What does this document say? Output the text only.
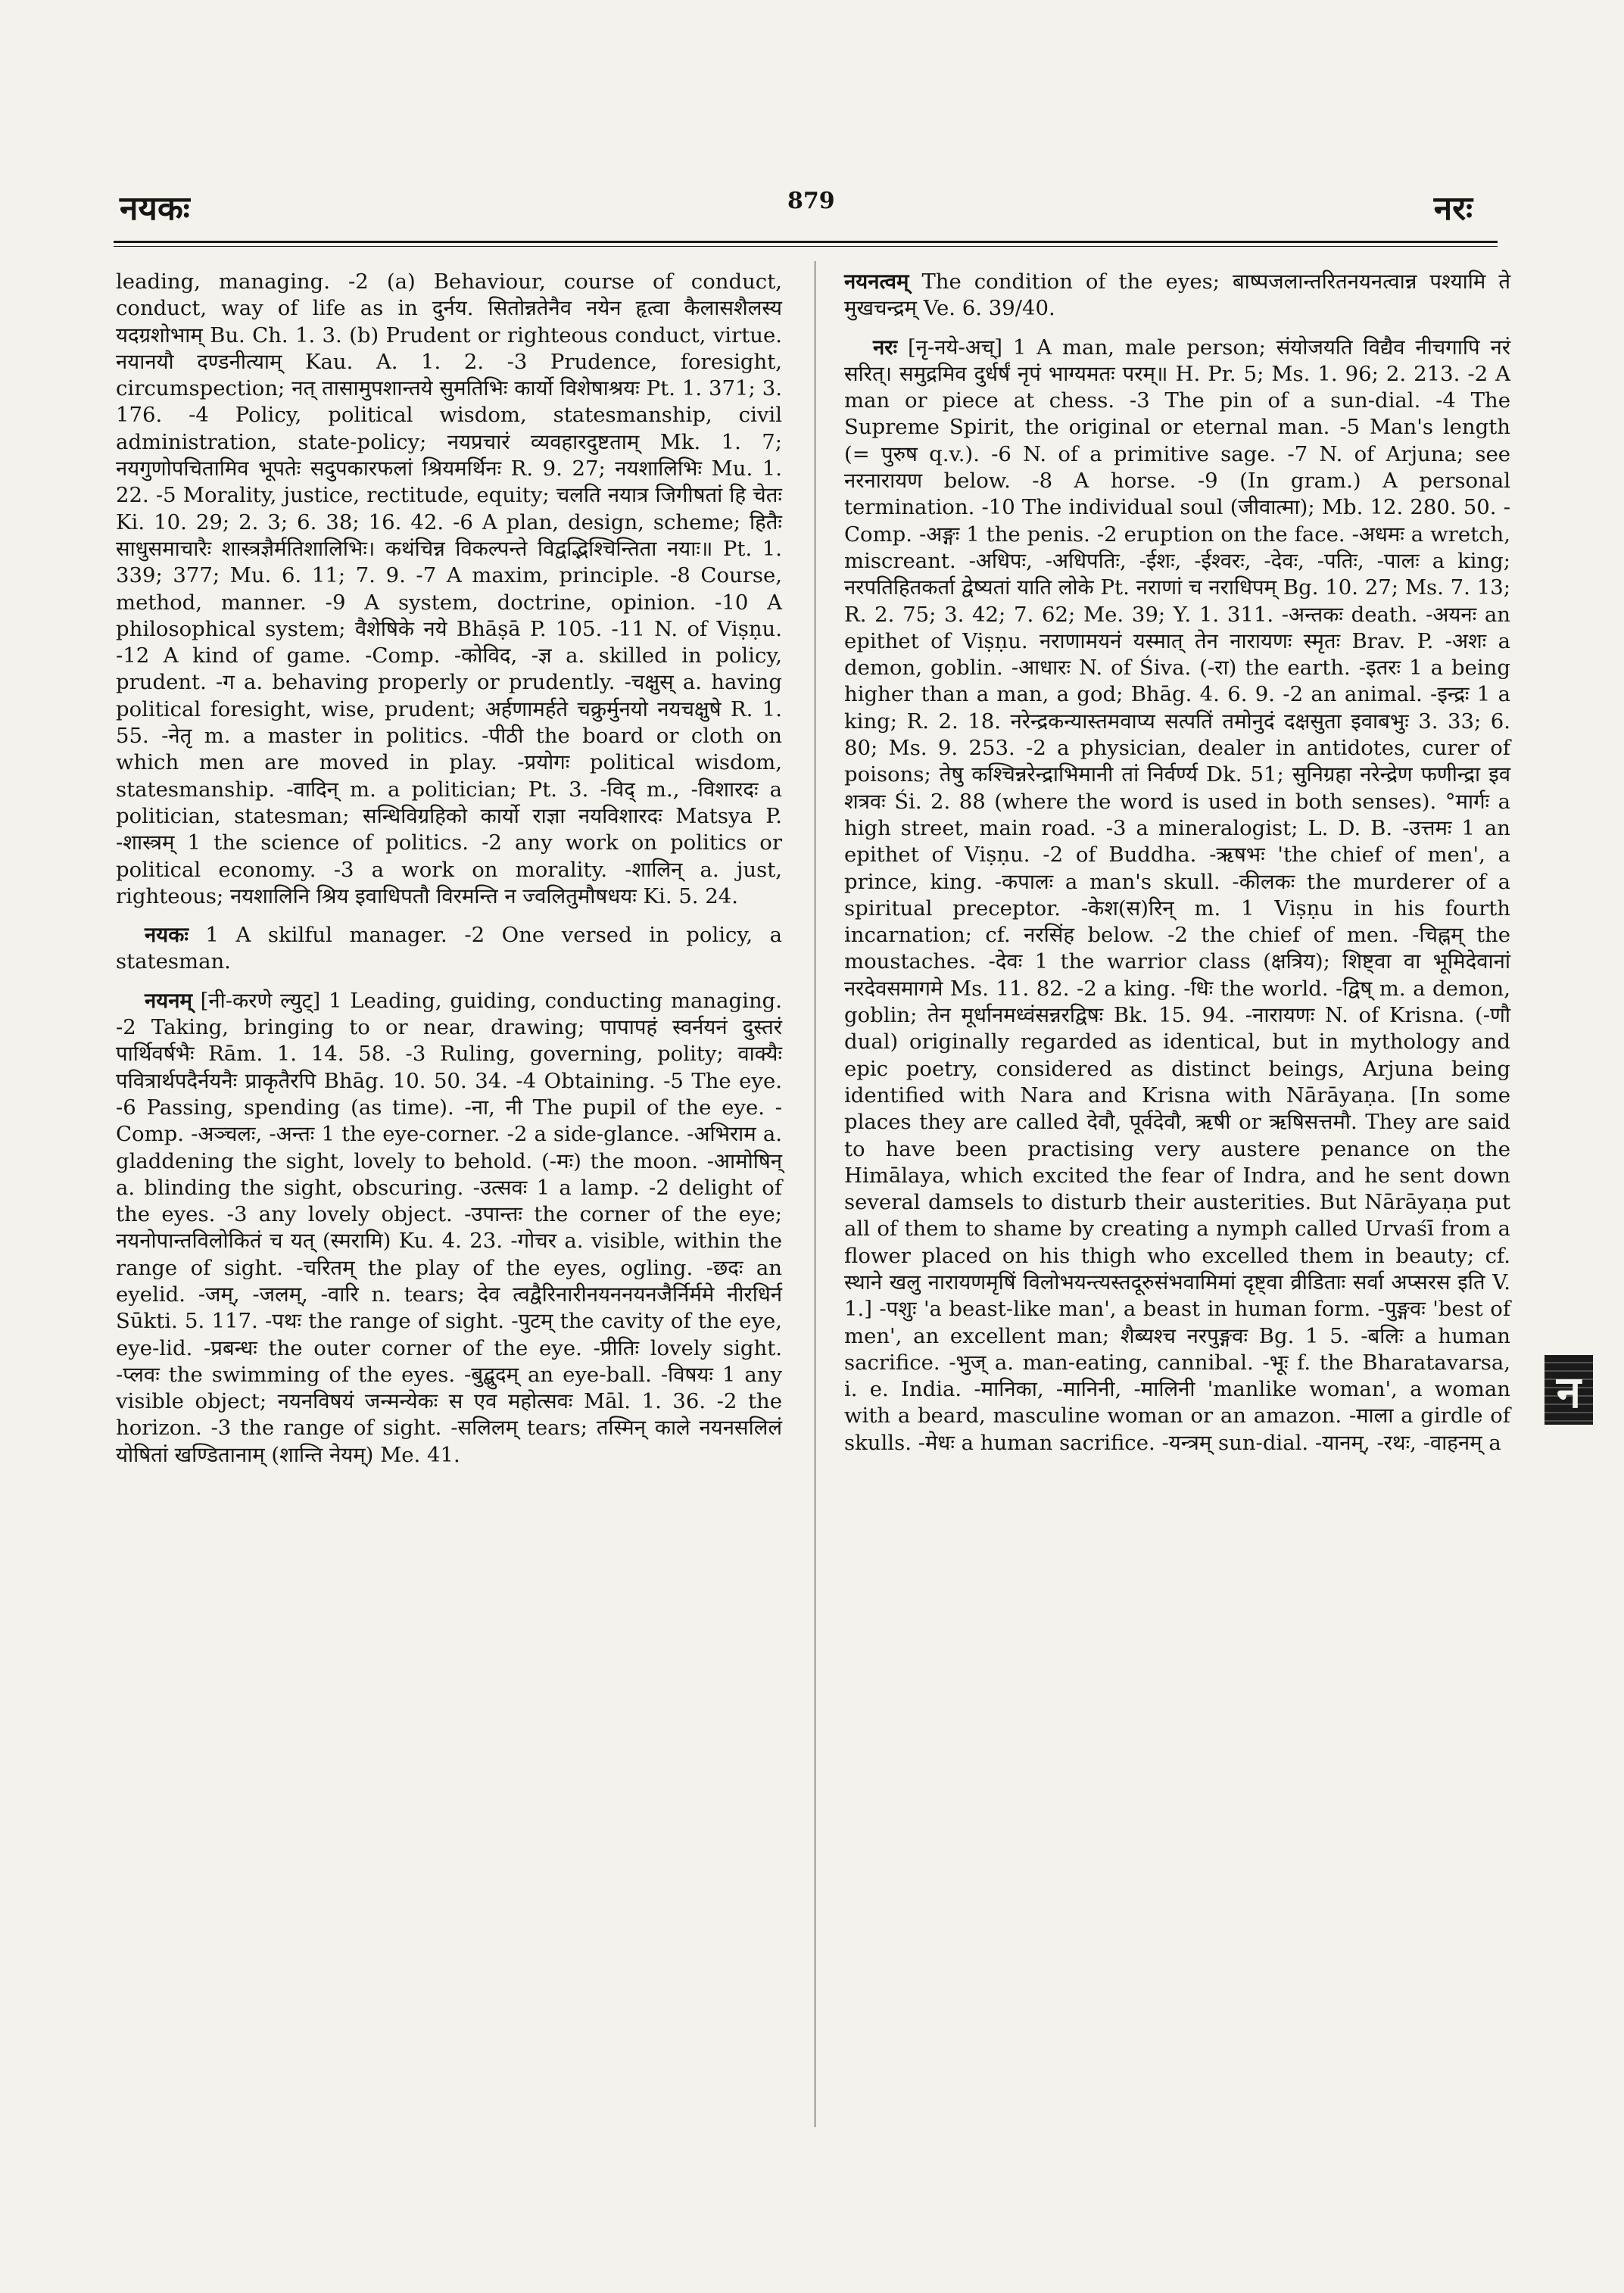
नयकः	879	नरः

leading, managing. -2 (a) Behaviour, course of conduct, conduct, way of life as in दुर्नय. सितोन्नतेनैव नयेन हृत्वा कैलासशैलस्य यदग्रशोभाम् Bu. Ch. 1. 3. (b) Prudent or righteous conduct, virtue. नयानयौ दण्डनीत्याम् Kau. A. 1. 2. -3 Prudence, foresight, circumspection; नत् तासामुपशान्तये सुमतिभिः कार्यो विशेषाश्रयः Pt. 1. 371; 3. 176. -4 Policy, political wisdom, statesmanship, civil administration, state-policy; नयप्रचारं व्यवहारदुष्टताम् Mk. 1. 7; नयगुणोपचितामिव भूपतेः सदुपकारफलां श्रियमर्थिनः R. 9. 27; नयशालिभिः Mu. 1. 22. -5 Morality, justice, rectitude, equity; चलति नयात्र जिगीषतां हि चेतः Ki. 10. 29; 2. 3; 6. 38; 16. 42. -6 A plan, design, scheme; हितैः साधुसमाचारैः शास्त्रज्ञैर्मतिशालिभिः। कथंचिन्न विकल्पन्ते विद्वद्भिश्चिन्तिता नयाः॥ Pt. 1. 339; 377; Mu. 6. 11; 7. 9. -7 A maxim, principle. -8 Course, method, manner. -9 A system, doctrine, opinion. -10 A philosophical system; वैशेषिके नये Bhāṣā P. 105. -11 N. of Viṣṇu. -12 A kind of game. -Comp. -कोविद, -ज्ञ a. skilled in policy, prudent. -ग a. behaving properly or prudently. -चक्षुस् a. having political foresight, wise, prudent; अर्हणामर्हते चक्रुर्मुनयो नयचक्षुषे R. 1. 55. -नेतृ m. a master in politics. -पीठी the board or cloth on which men are moved in play. -प्रयोगः political wisdom, statesmanship. -वादिन् m. a politician; Pt. 3. -विद् m., -विशारदः a politician, statesman; सन्धिविग्रहिको कार्यो राज्ञा नयविशारदः Matsya P. -शास्त्रम् 1 the science of politics. -2 any work on politics or political economy. -3 a work on morality. -शालिन् a. just, righteous; नयशालिनि श्रिय इवाधिपतौ विरमन्ति न ज्वलितुमौषधयः Ki. 5. 24.

नयकः 1 A skilful manager. -2 One versed in policy, a statesman.

नयनम् [नी-करणे ल्युट्] 1 Leading, guiding, conducting managing. -2 Taking, bringing to or near, drawing; पापापहं स्वर्नयनं दुस्तरं पार्थिवर्षभैः Rām. 1. 14. 58. -3 Ruling, governing, polity; वाक्यैः पवित्रार्थपदैर्नयनैः प्राकृतैरपि Bhāg. 10. 50. 34. -4 Obtaining. -5 The eye. -6 Passing, spending (as time). -ना, नी The pupil of the eye. -Comp. -अञ्चलः, -अन्तः 1 the eye-corner. -2 a side-glance. -अभिराम a. gladdening the sight, lovely to behold. (-मः) the moon. -आमोषिन् a. blinding the sight, obscuring. -उत्सवः 1 a lamp. -2 delight of the eyes. -3 any lovely object. -उपान्तः the corner of the eye; नयनोपान्तविलोकितं च यत् (स्मरामि) Ku. 4. 23. -गोचर a. visible, within the range of sight. -चरितम् the play of the eyes, ogling. -छदः an eyelid. -जम्, -जलम्, -वारि n. tears; देव त्वद्वैरिनारीनयननयनजैर्निर्ममे नीरधिर्न Sūkti. 5. 117. -पथः the range of sight. -पुटम् the cavity of the eye, eye-lid. -प्रबन्धः the outer corner of the eye. -प्रीतिः lovely sight. -प्लवः the swimming of the eyes. -बुद्बुदम् an eye-ball. -विषयः 1 any visible object; नयनविषयं जन्मन्येकः स एव महोत्सवः Māl. 1. 36. -2 the horizon. -3 the range of sight. -सलिलम् tears; तस्मिन् काले नयनसलिलं योषितां खण्डितानाम् (शान्ति नेयम्) Me. 41.

नयनत्वम् The condition of the eyes; बाष्पजलान्तरितनयनत्वान्न पश्यामि ते मुखचन्द्रम् Ve. 6. 39/40.

नरः [नृ-नये-अच्] 1 A man, male person; संयोजयति विद्यैव नीचगापि नरं सरित्। समुद्रमिव दुर्धर्षं नृपं भाग्यमतः परम्॥ H. Pr. 5; Ms. 1. 96; 2. 213. -2 A man or piece at chess. -3 The pin of a sun-dial. -4 The Supreme Spirit, the original or eternal man. -5 Man's length (= पुरुष q.v.). -6 N. of a primitive sage. -7 N. of Arjuna; see नरनारायण below. -8 A horse. -9 (In gram.) A personal termination. -10 The individual soul (जीवात्मा); Mb. 12. 280. 50. -Comp. -अङ्गः 1 the penis. -2 eruption on the face. -अधमः a wretch, miscreant. -अधिपः, -अधिपतिः, -ईशः, -ईश्वरः, -देवः, -पतिः, -पालः a king; नरपतिहितकर्ता द्वेष्यतां याति लोके Pt. नराणां च नराधिपम् Bg. 10. 27; Ms. 7. 13; R. 2. 75; 3. 42; 7. 62; Me. 39; Y. 1. 311. -अन्तकः death. -अयनः an epithet of Viṣṇu. नराणामयनं यस्मात् तेन नारायणः स्मृतः Brav. P. -अशः a demon, goblin. -आधारः N. of Śiva. (-रा) the earth. -इतरः 1 a being higher than a man, a god; Bhāg. 4. 6. 9. -2 an animal. -इन्द्रः 1 a king; R. 2. 18. नरेन्द्रकन्यास्तमवाप्य सत्पतिं तमोनुदं दक्षसुता इवाबभुः 3. 33; 6. 80; Ms. 9. 253. -2 a physician, dealer in antidotes, curer of poisons; तेषु कश्चिन्नरेन्द्राभिमानी तां निर्वर्ण्य Dk. 51; सुनिग्रहा नरेन्द्रेण फणीन्द्रा इव शत्रवः Śi. 2. 88 (where the word is used in both senses). °मार्गः a high street, main road. -3 a mineralogist; L. D. B. -उत्तमः 1 an epithet of Viṣṇu. -2 of Buddha. -ऋषभः 'the chief of men', a prince, king. -कपालः a man's skull. -कीलकः the murderer of a spiritual preceptor. -केश(स)रिन् m. 1 Viṣṇu in his fourth incarnation; cf. नरसिंह below. -2 the chief of men. -चिह्नम् the moustaches. -देवः 1 the warrior class (क्षत्रिय); शिष्ट्वा वा भूमिदेवानां नरदेवसमागमे Ms. 11. 82. -2 a king. -धिः the world. -द्विष् m. a demon, goblin; तेन मूर्धानमध्वंसन्नरद्विषः Bk. 15. 94. -नारायणः N. of Krisna. (-णौ dual) originally regarded as identical, but in mythology and epic poetry, considered as distinct beings, Arjuna being identified with Nara and Krisna with Nārāyaṇa. [In some places they are called देवौ, पूर्वदेवौ, ऋषी or ऋषिसत्तमौ. They are said to have been practising very austere penance on the Himālaya, which excited the fear of Indra, and he sent down several damsels to disturb their austerities. But Nārāyaṇa put all of them to shame by creating a nymph called Urvaśī from a flower placed on his thigh who excelled them in beauty; cf. स्थाने खलु नारायणमृषिं विलोभयन्त्यस्तदूरुसंभवामिमां दृष्ट्वा व्रीडिताः सर्वा अप्सरस इति V. 1.] -पशुः 'a beast-like man', a beast in human form. -पुङ्गवः 'best of men', an excellent man; शैब्यश्च नरपुङ्गवः Bg. 1 5. -बलिः a human sacrifice. -भुज् a. man-eating, cannibal. -भूः f. the Bharatavarsa, i. e. India. -मानिका, -मानिनी, -मालिनी 'manlike woman', a woman with a beard, masculine woman or an amazon. -माला a girdle of skulls. -मेधः a human sacrifice. -यन्त्रम् sun-dial. -यानम्, -रथः, -वाहनम् a

न
